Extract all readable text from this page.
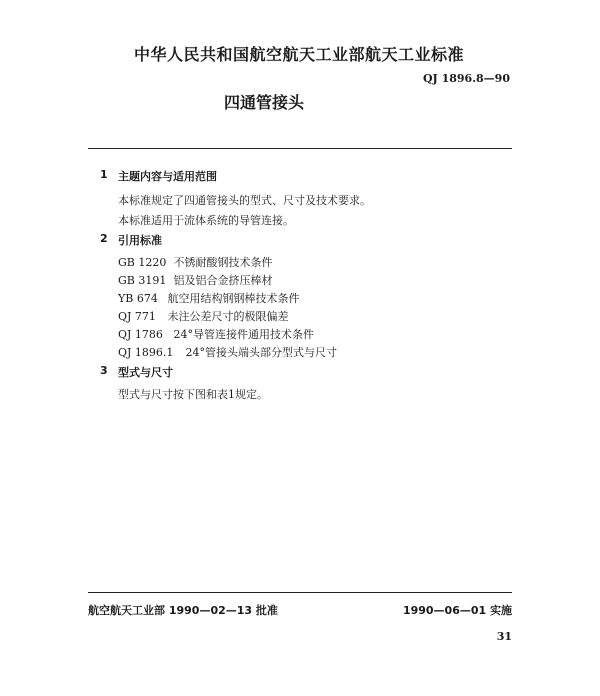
中华人民共和国航空航天工业部航天工业标准
QJ 1896.8—90
四通管接头
1 主题内容与适用范围
本标准规定了四通管接头的型式、尺寸及技术要求。
本标准适用于流体系统的导管连接。
2 引用标准
GB 1220 不锈耐酸钢技术条件
GB 3191 铝及铝合金挤压棒材
YB 674 航空用结构钢钢棒技术条件
QJ 771 未注公差尺寸的极限偏差
QJ 1786 24°导管连接件通用技术条件
QJ 1896.1 24°管接头端头部分型式与尺寸
3 型式与尺寸
型式与尺寸按下图和表1规定。
航空航天工业部 1990—02—13 批准	1990—06—01 实施
31
